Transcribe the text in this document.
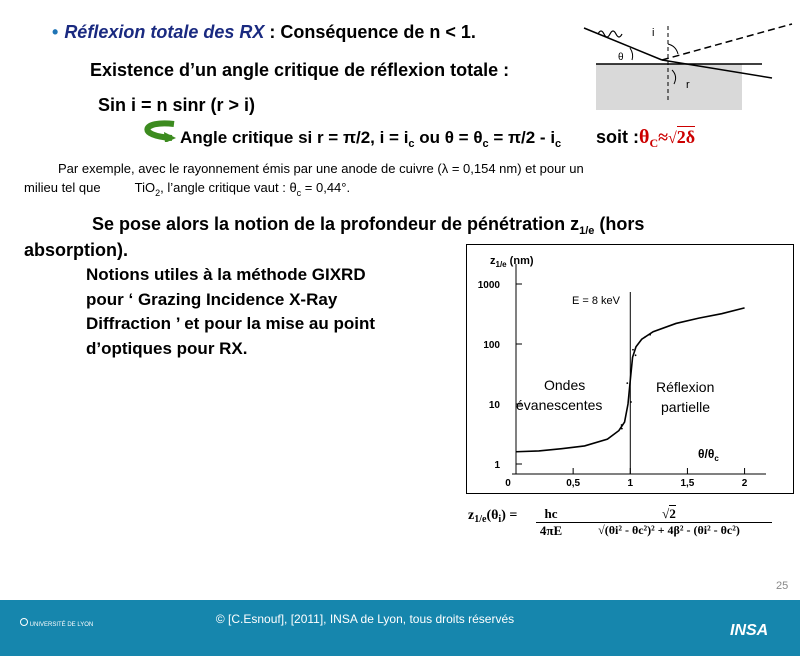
• Réflexion totale des RX : Conséquence de n < 1.
Existence d’un angle critique de réflexion totale :
Sin i = n sinr (r > i)
Angle critique si r = π/2, $i = i_c$ ou $\theta = \theta_c = \pi/2 - i_c$ soit $:\theta_C\approx√2\delta$
i
r
θ
Par exemple, avec le rayonnement émis par une anode de cuivre (λ = 0,154 nm) et pour un
milieu tel que	TiO$_2$, l’angle critique vaut : $\theta_c = 0,44^\circ$.
Se pose alors la notion de la profondeur de pénétration $z_{1/e}$ (hors
absorption).
Notions utiles à la méthode GIXRD
pour ‘ Grazing Incidence X-Ray
Diffraction ’ et pour la mise au point
d’optiques pour RX.
1000
100
10
1
0	0,5	1	1,5	2
$z_{1/e}$ (nm)
$\theta/\theta_c$
E = 8 keV
Ondes
évanescentes
Réflexion
partielle
$z_{1/e}(\theta_i)$ =	hc
4πE
√2
√(θi² - θc²)² + 4β² - (θi² - θc²)
25
UNIVERSITÉ DE LYON	© [C.Esnouf], [2011], INSA de Lyon, tous droits réservés
INSA
